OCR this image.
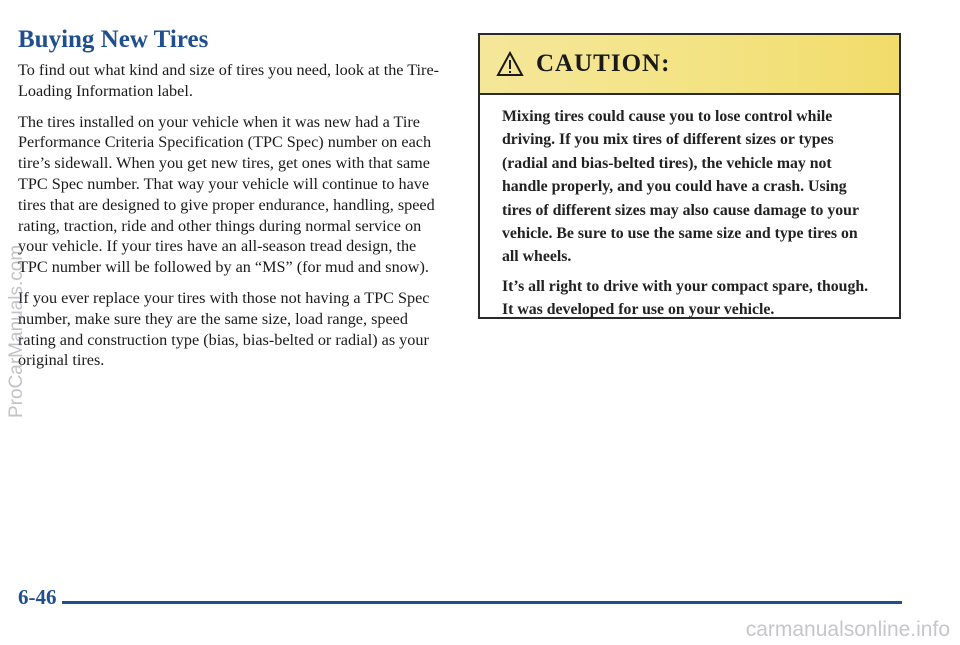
Buying New Tires

To find out what kind and size of tires you need, look at the Tire-Loading Information label.

The tires installed on your vehicle when it was new had a Tire Performance Criteria Specification (TPC Spec) number on each tire’s sidewall. When you get new tires, get ones with that same TPC Spec number. That way your vehicle will continue to have tires that are designed to give proper endurance, handling, speed rating, traction, ride and other things during normal service on your vehicle. If your tires have an all-season tread design, the TPC number will be followed by an “MS” (for mud and snow).

If you ever replace your tires with those not having a TPC Spec number, make sure they are the same size, load range, speed rating and construction type (bias, bias-belted or radial) as your original tires.

CAUTION:

Mixing tires could cause you to lose control while driving. If you mix tires of different sizes or types (radial and bias-belted tires), the vehicle may not handle properly, and you could have a crash. Using tires of different sizes may also cause damage to your vehicle. Be sure to use the same size and type tires on all wheels.

It’s all right to drive with your compact spare, though. It was developed for use on your vehicle.

ProCarManuals.com
6-46
carmanualsonline.info
